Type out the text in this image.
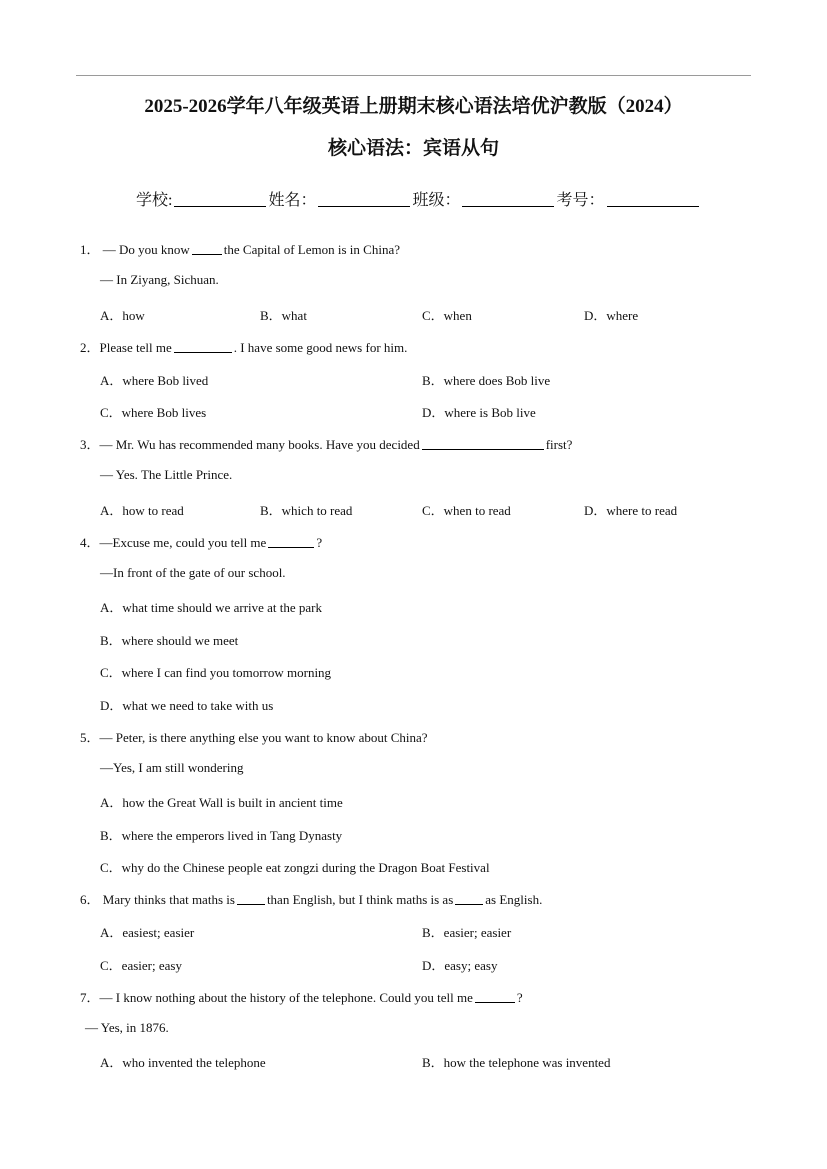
2025-2026学年八年级英语上册期末核心语法培优沪教版（2024）
核心语法：宾语从句
学校:	姓名：	班级：	考号：
1． — Do you know	the Capital of Lemon is in China?
— In Ziyang, Sichuan.
A．how	B．what	C．when	D．where
2．Please tell me	. I have some good news for him.
A．where Bob lived	B．where does Bob live
C．where Bob lives	D．where is Bob live
3．— Mr. Wu has recommended many books. Have you decided	first?
— Yes. The Little Prince.
A．how to read	B．which to read	C．when to read	D．where to read
4．—Excuse me, could you tell me	?
—In front of the gate of our school.
A．what time should we arrive at the park
B．where should we meet
C．where I can find you tomorrow morning
D．what we need to take with us
5．— Peter, is there anything else you want to know about China?
—Yes, I am still wondering
A．how the Great Wall is built in ancient time
B．where the emperors lived in Tang Dynasty
C．why do the Chinese people eat zongzi during the Dragon Boat Festival
6． Mary thinks that maths is than English, but I think maths is as as English.
A．easiest; easier	B．easier; easier
C．easier; easy	D．easy; easy
7．— I know nothing about the history of the telephone. Could you tell me	?
— Yes, in 1876.
A．who invented the telephone	B．how the telephone was invented
